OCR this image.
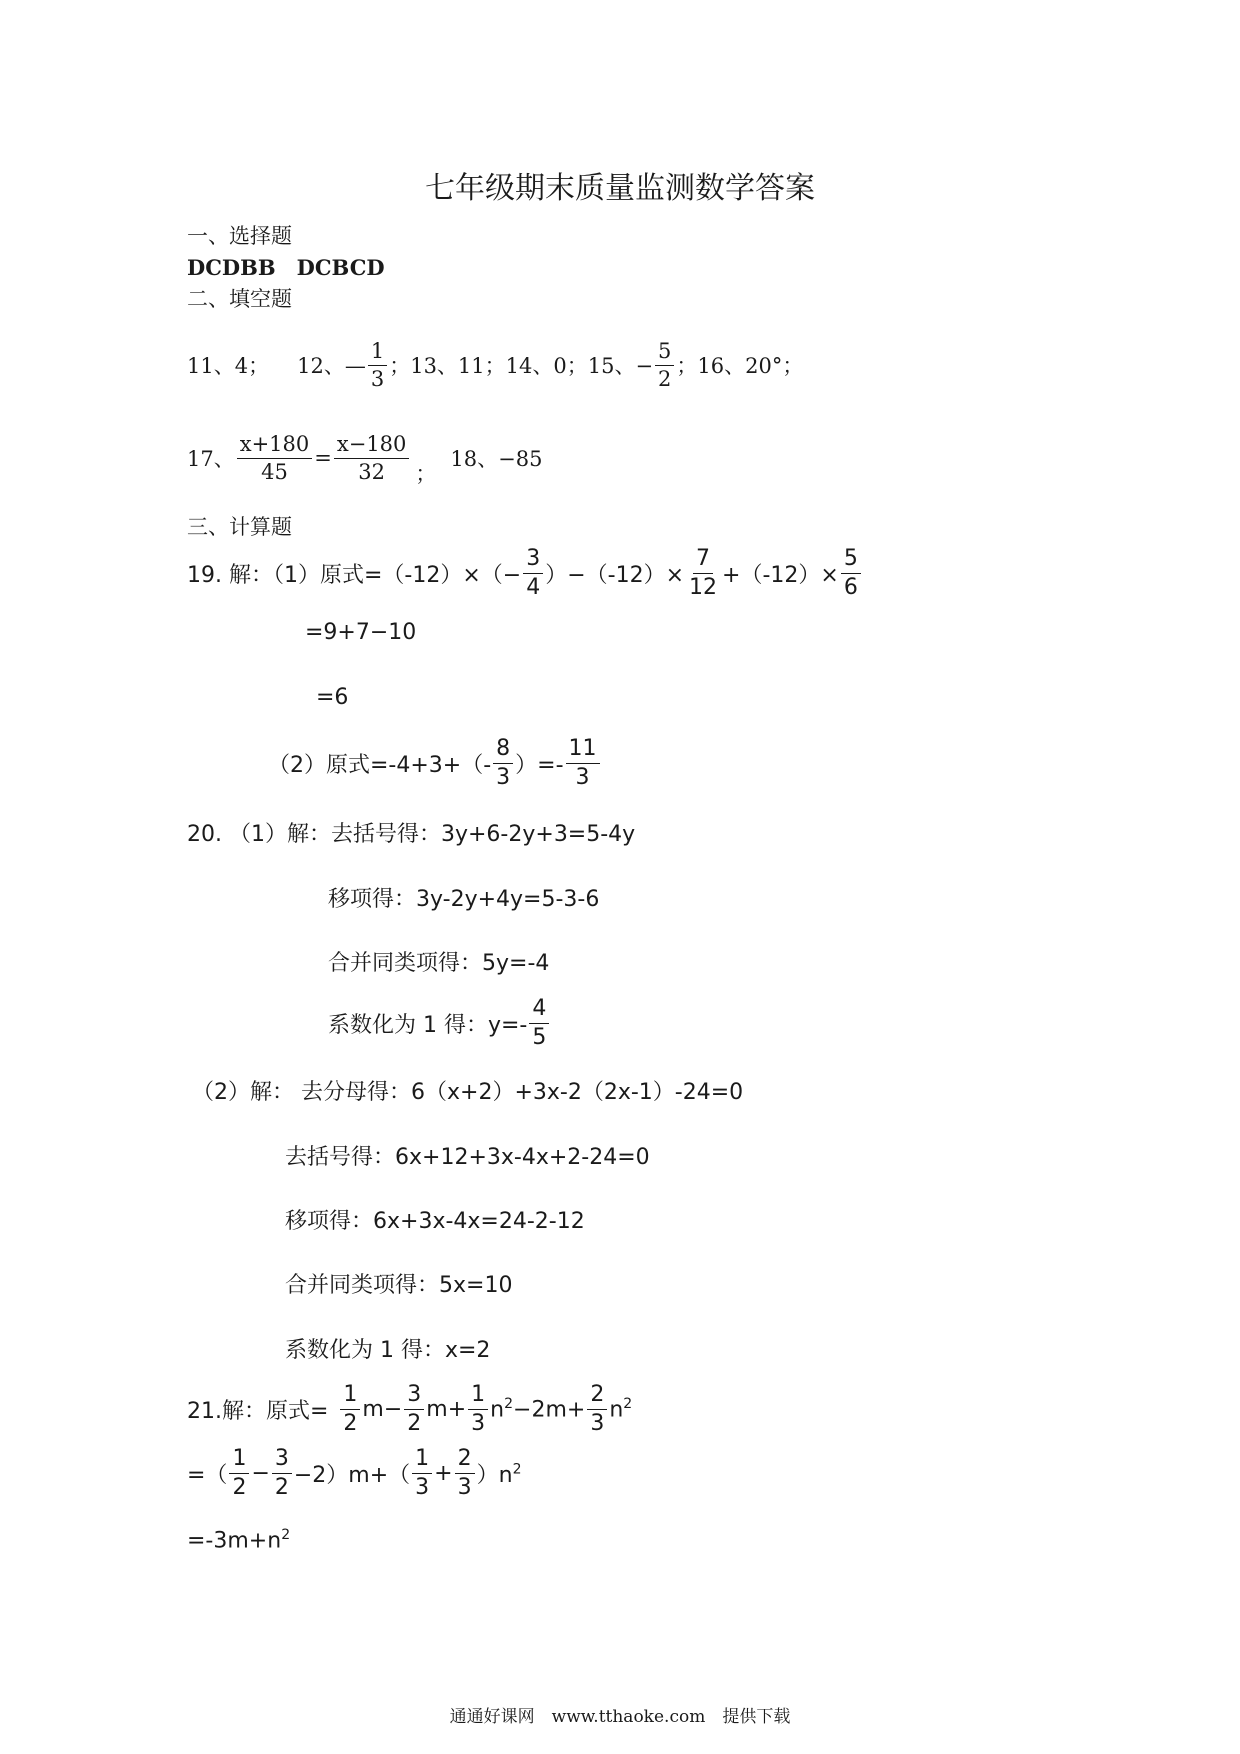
七年级期末质量监测数学答案
一、选择题
DCDBB　DCBCD
二、填空题
11、4； 12、— $\frac{1}{3}$ ；13、11；14、0；15、− $\frac{5}{2}$ ；16、20°；
17、 $\frac{x+180}{45} = \frac{x-180}{32}$ ；
18、−85
三、计算题
19. 解：（1）原式$=(-12)\times(- \frac{3}{4} )-(-12)\times \frac{7}{12} +(-12)\times \frac{5}{6}$
=9+7−10
=6
（2）原式$=-4+3+(- \frac{8}{3}$ ）=- $\frac{11}{3}$
20. （1）解：去括号得：3y+6-2y+3=5-4y
移项得：3y-2y+4y=5-3-6
合并同类项得：5y=-4
系数化为 1 得：$y=- \frac{4}{5}$
（2）解： 去分母得：6（x+2）+3x-2（2x-1）-24=0
去括号得：6x+12+3x-4x+2-24=0
移项得：6x+3x-4x=24-2-12
合并同类项得：5x=10
系数化为 1 得：x=2
21.解：原式= $\frac{1}{2} m- \frac{3}{2} m+ \frac{1}{3} n^2-2m+ \frac{2}{3} n^2$
=（ $\frac{1}{2} - \frac{3}{2} -2)m+( \frac{1}{3} + \frac{2}{3} )n^2$
$=-3m+n^2$
通通好课网　www.tthaoke.com　提供下载
